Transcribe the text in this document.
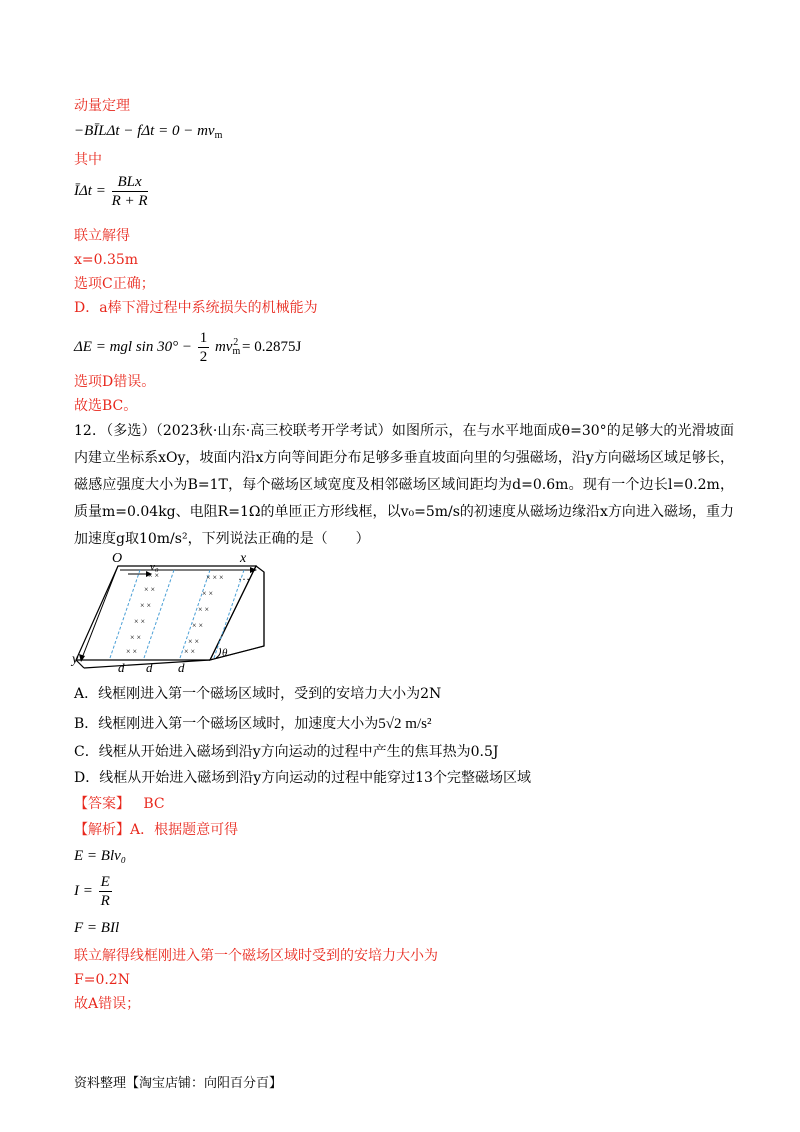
动量定理
−BĪLΔt − $f\Delta t = 0 - mv_m$
其中
ĪΔt = $\frac{\text{BLx}}{R + R}$
联立解得
x=0.35m
选项C正确；
D．a棒下滑过程中系统损失的机械能为
ΔE = mgl $\sin 30^\circ - \frac{1}{2} mv_m^2 = 0.2875J$
选项D错误。
故选BC。
12．（多选）（2023秋·山东·高三校联考开学考试）如图所示，在与水平地面成θ=30°的足够大的光滑坡面内建立坐标系xOy，坡面内沿x方向等间距分布足够多垂直坡面向里的匀强磁场，沿y方向磁场区域足够长，磁感应强度大小为B=1T，每个磁场区域宽度及相邻磁场区域间距均为d=0.6m。现有一个边长l=0.2m，质量m=0.04kg、电阻R=1Ω的单匝正方形线框，以v₀=5m/s的初速度从磁场边缘沿x方向进入磁场，重力加速度g取10m/s²，下列说法正确的是（　　）
× ×
× ×
× ×
× ×
× ×
× ×
× × ×
× ×
× ×
× ×
× ×
× ×
…
O	x
y
v₀
θ
d d d
A．线框刚进入第一个磁场区域时，受到的安培力大小为2N
B．线框刚进入第一个磁场区域时，加速度大小为5√2 m/s²
C．线框从开始进入磁场到沿y方向运动的过程中产生的焦耳热为0.5J
D．线框从开始进入磁场到沿y方向运动的过程中能穿过13个完整磁场区域
【答案】 BC
【解析】A．根据题意可得
E = Blv₀
$I = \frac{E}{R}$
F = BIl
联立解得线框刚进入第一个磁场区域时受到的安培力大小为
F=0.2N
故A错误；
资料整理【淘宝店铺：向阳百分百】
